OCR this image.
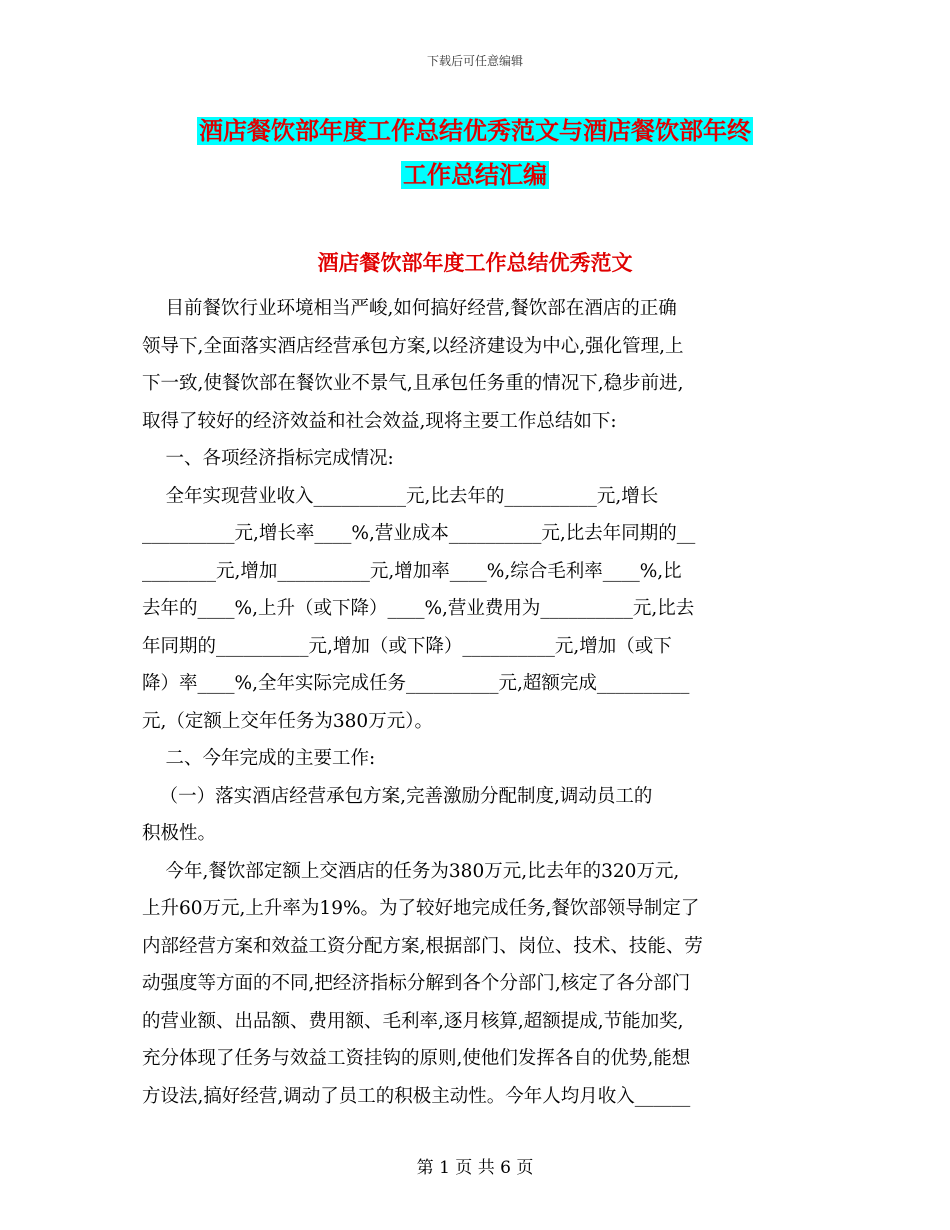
下载后可任意编辑
酒店餐饮部年度工作总结优秀范文与酒店餐饮部年终
工作总结汇编
酒店餐饮部年度工作总结优秀范文
目前餐饮行业环境相当严峻,如何搞好经营,餐饮部在酒店的正确
领导下,全面落实酒店经营承包方案,以经济建设为中心,强化管理,上
下一致,使餐饮部在餐饮业不景气,且承包任务重的情况下,稳步前进,
取得了较好的经济效益和社会效益,现将主要工作总结如下:
一、各项经济指标完成情况:
全年实现营业收入__________元,比去年的__________元,增长
__________元,增长率____%,营业成本__________元,比去年同期的__
________元,增加__________元,增加率____%,综合毛利率____%,比
去年的____%,上升（或下降）____%,营业费用为__________元,比去
年同期的__________元,增加（或下降）__________元,增加（或下
降）率____%,全年实际完成任务__________元,超额完成__________
元,（定额上交年任务为380万元）。
二、今年完成的主要工作:
（一）落实酒店经营承包方案,完善激励分配制度,调动员工的
积极性。
今年,餐饮部定额上交酒店的任务为380万元,比去年的320万元,
上升60万元,上升率为19%。为了较好地完成任务,餐饮部领导制定了
内部经营方案和效益工资分配方案,根据部门、岗位、技术、技能、劳
动强度等方面的不同,把经济指标分解到各个分部门,核定了各分部门
的营业额、出品额、费用额、毛利率,逐月核算,超额提成,节能加奖,
充分体现了任务与效益工资挂钩的原则,使他们发挥各自的优势,能想
方设法,搞好经营,调动了员工的积极主动性。今年人均月收入______
第 1 页 共 6 页
